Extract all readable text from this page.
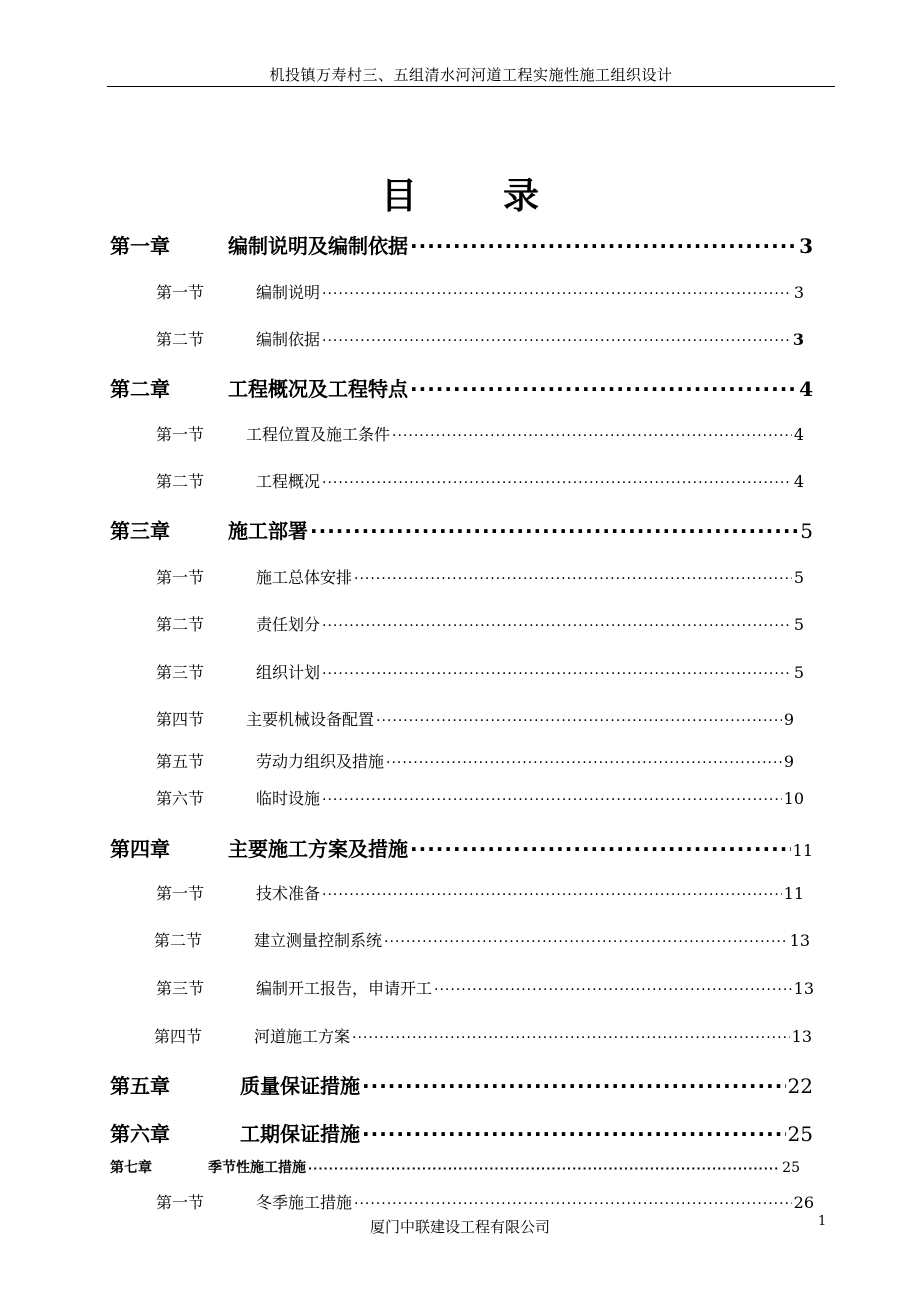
机投镇万寿村三、五组清水河河道工程实施性施工组织设计
目 录
第一章	编制说明及编制依据 ·····	3
第一节	编制说明 ·····	3
第二节	编制依据 ·····	3
第二章	工程概况及工程特点 ·····	4
第一节	工程位置及施工条件 ·····	4
第二节	工程概况 ·····	4
第三章	施工部署 ·····	5
第一节	施工总体安排 ·····	5
第二节	责任划分 ·····	5
第三节	组织计划 ·····	5
第四节	主要机械设备配置 ·····	9
第五节	劳动力组织及措施 ·····	9
第六节	临时设施 ·····	10
第四章	主要施工方案及措施 ·····	11
第一节	技术准备 ·····	11
第二节	建立测量控制系统 ·····	13
第三节	编制开工报告，申请开工 ·····	13
第四节	河道施工方案 ·····	13
第五章	质量保证措施 ·····	22
第六章	工期保证措施 ·····	25
第七章	季节性施工措施 ·····	25
第一节	冬季施工措施 ·····	26
厦门中联建设工程有限公司	1
